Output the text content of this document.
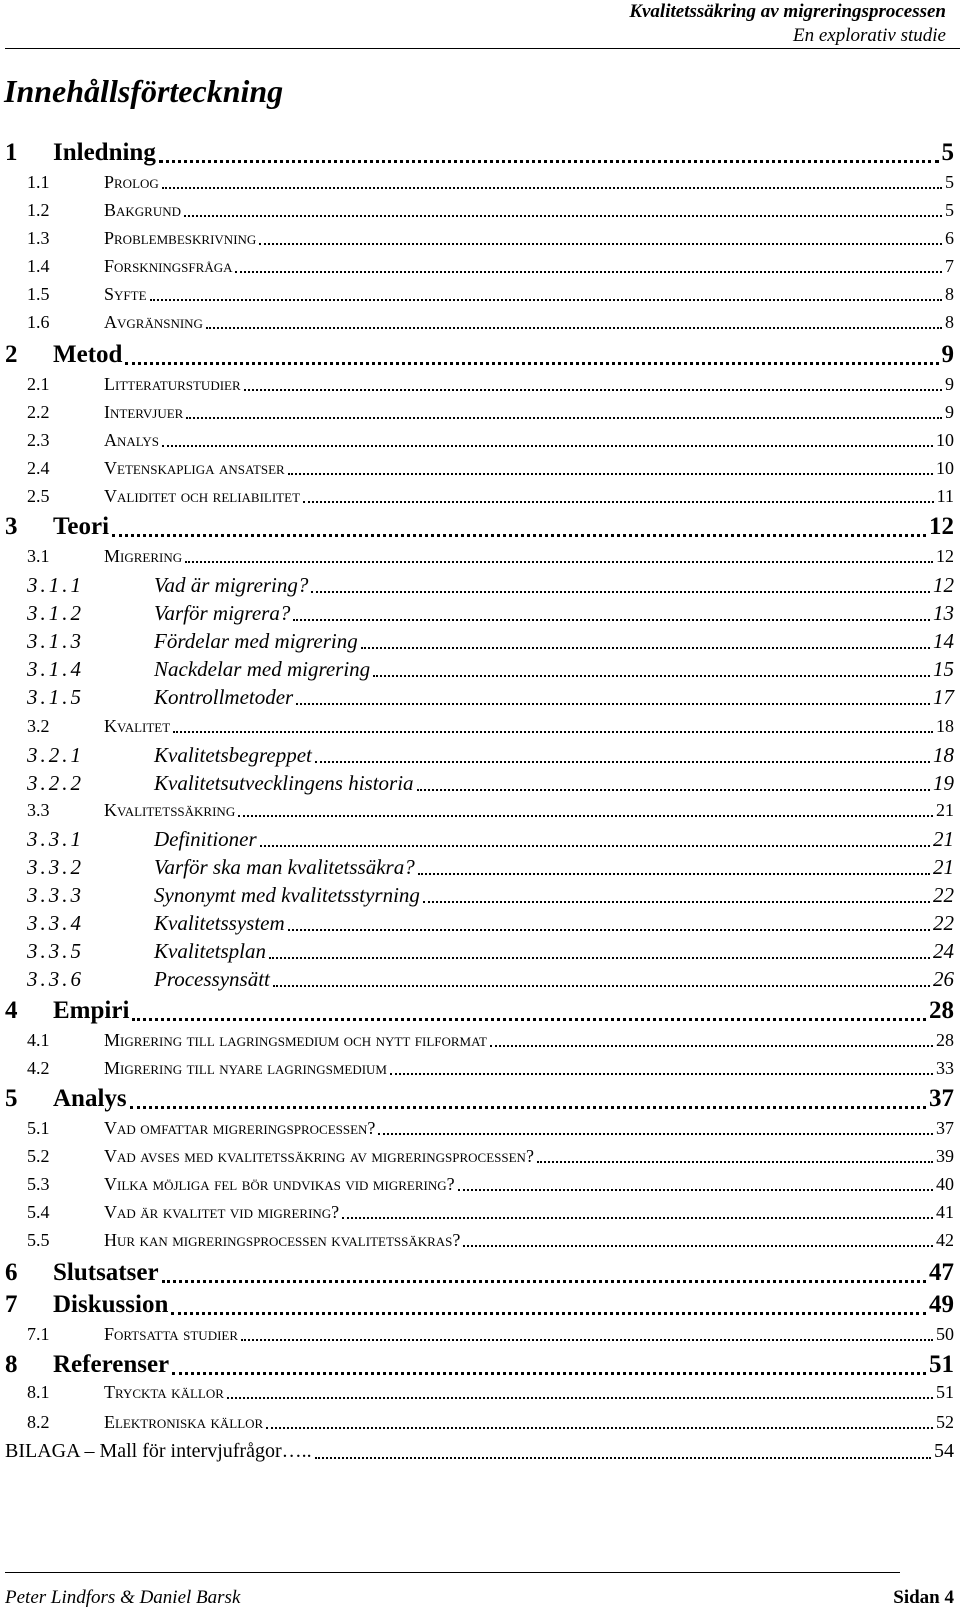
Kvalitetssäkring av migreringsprocessen
En explorativ studie
Innehållsförteckning
1 Inledning	5
1.1	Prolog	5
1.2	Bakgrund	5
1.3	Problembeskrivning	6
1.4	Forskningsfråga	7
1.5	Syfte	8
1.6	Avgränsning	8
2 Metod	9
2.1	Litteraturstudier	9
2.2	Intervjuer	9
2.3	Analys	10
2.4	Vetenskapliga ansatser	10
2.5	Validitet och reliabilitet	11
3 Teori	12
3.1	Migrering	12
3.1.1	Vad är migrering?	12
3.1.2	Varför migrera?	13
3.1.3	Fördelar med migrering	14
3.1.4	Nackdelar med migrering	15
3.1.5	Kontrollmetoder	17
3.2	Kvalitet	18
3.2.1	Kvalitetsbegreppet	18
3.2.2	Kvalitetsutvecklingens historia	19
3.3	Kvalitetssäkring	21
3.3.1	Definitioner	21
3.3.2	Varför ska man kvalitetssäkra?	21
3.3.3	Synonymt med kvalitetsstyrning	22
3.3.4	Kvalitetssystem	22
3.3.5	Kvalitetsplan	24
3.3.6	Processynsätt	26
4 Empiri	28
4.1	Migrering till lagringsmedium och nytt filformat	28
4.2	Migrering till nyare lagringsmedium	33
5 Analys	37
5.1	Vad omfattar migreringsprocessen?	37
5.2	Vad avses med kvalitetssäkring av migreringsprocessen?	39
5.3	Vilka möjliga fel bör undvikas vid migrering?	40
5.4	Vad är kvalitet vid migrering?	41
5.5	Hur kan migreringsprocessen kvalitetssäkras?	42
6 Slutsatser	47
7 Diskussion	49
7.1	Fortsatta studier	50
8 Referenser	51
8.1	Tryckta källor	51
8.2	Elektroniska källor	52
BILAGA – Mall för intervjufrågor…..	54
Peter Lindfors & Daniel Barsk	Sidan 4
